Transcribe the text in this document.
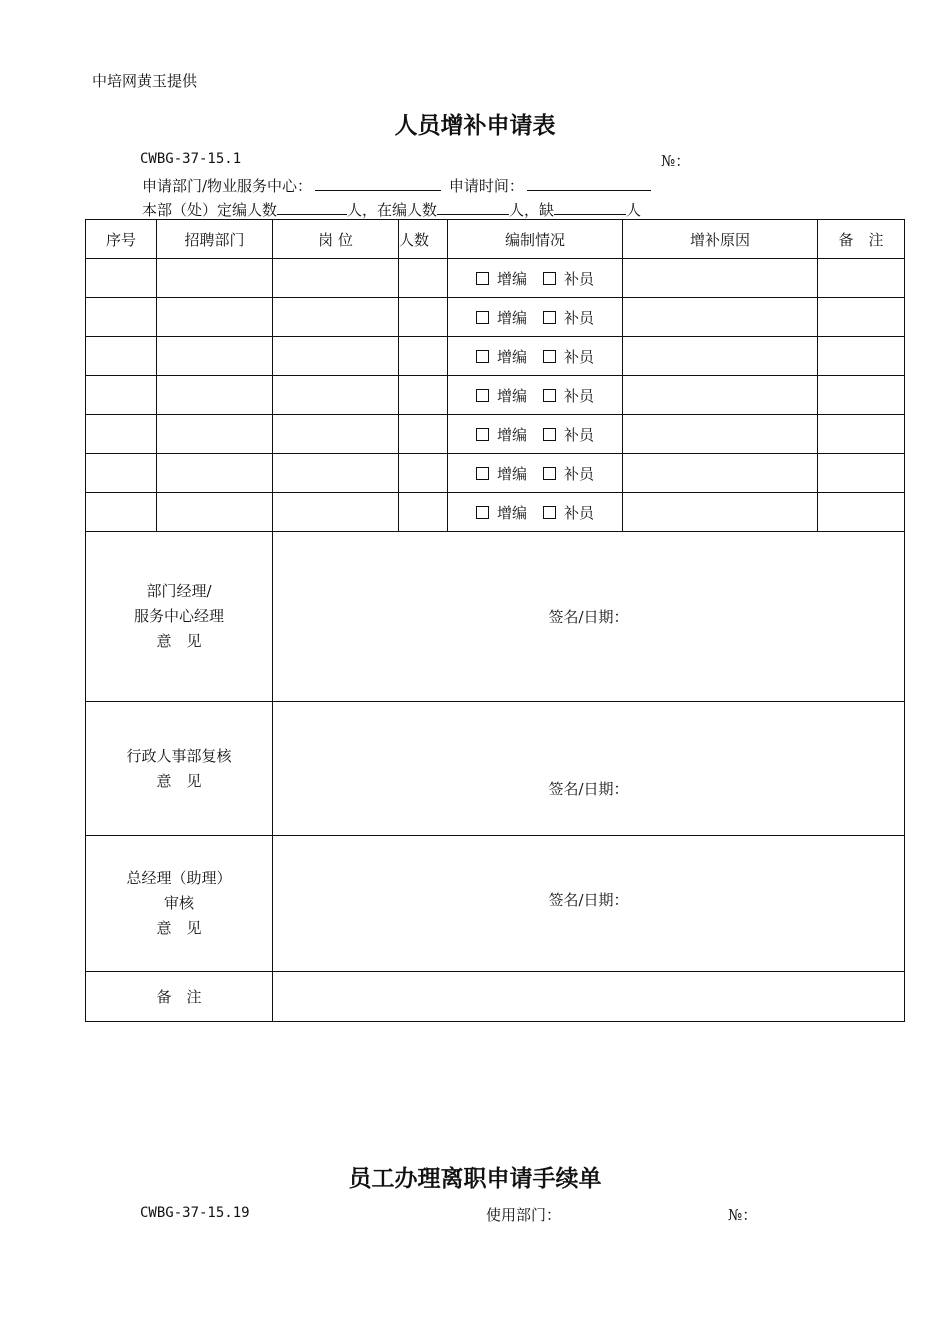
中培网黄玉提供
人员增补申请表
CWBG-37-15.1	№：
申请部门/物业服务中心：	申请时间：
本部（处）定编人数	人，在编人数	人，缺	人
序号	招聘部门	岗 位	人数	编制情况	增补原因	备　注
				增编 补员		
				增编 补员		
				增编 补员		
				增编 补员		
				增编 补员		
				增编 补员		
				增编 补员		

部门经理/
服务中心经理
意　见		签名/日期：				

行政人事部复核
意　见		签名/日期：				

总经理（助理）
审核
意　见		签名/日期：				

备　注						
员工办理离职申请手续单
CWBG-37-15.19	使用部门：	№：
